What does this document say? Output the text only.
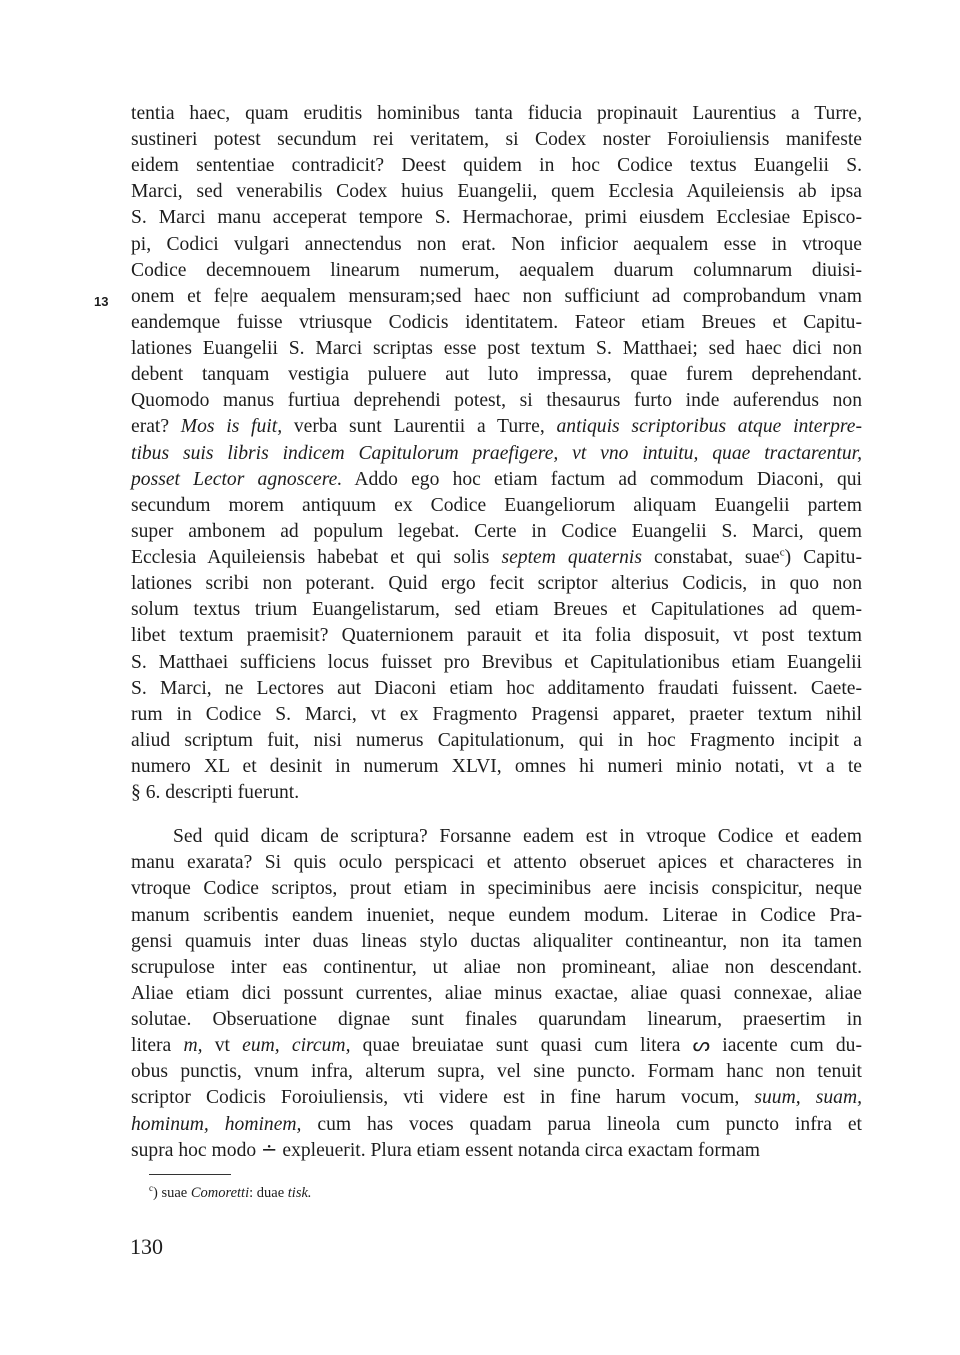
13
tentia haec, quam eruditis hominibus tanta fiducia propinauit Laurentius a Turre,
sustineri potest secundum rei veritatem, si Codex noster Foroiuliensis manifeste
eidem sententiae contradicit? Deest quidem in hoc Codice textus Euangelii S.
Marci, sed venerabilis Codex huius Euangelii, quem Ecclesia Aquileiensis ab ipsa
S. Marci manu acceperat tempore S. Hermachorae, primi eiusdem Ecclesiae Episco-
pi, Codici vulgari annectendus non erat. Non inficior aequalem esse in vtroque
Codice decemnouem linearum numerum, aequalem duarum columnarum diuisi-
onem et fe|re aequalem mensuram;sed haec non sufficiunt ad comprobandum vnam
eandemque fuisse vtriusque Codicis identitatem. Fateor etiam Breues et Capitu-
lationes Euangelii S. Marci scriptas esse post textum S. Matthaei; sed haec dici non
debent tanquam vestigia puluere aut luto impressa, quae furem deprehendant.
Quomodo manus furtiua deprehendi potest, si thesaurus furto inde auferendus non
erat? Mos is fuit, verba sunt Laurentii a Turre, antiquis scriptoribus atque interpre-
tibus suis libris indicem Capitulorum praefigere, vt vno intuitu, quae tractarentur,
posset Lector agnoscere. Addo ego hoc etiam factum ad commodum Diaconi, qui
secundum morem antiquum ex Codice Euangeliorum aliquam Euangelii partem
super ambonem ad populum legebat. Certe in Codice Euangelii S. Marci, quem
Ecclesia Aquileiensis habebat et qui solis septem quaternis constabat, suae$^c$) Capitu-
lationes scribi non poterant. Quid ergo fecit scriptor alterius Codicis, in quo non
solum textus trium Euangelistarum, sed etiam Breues et Capitulationes ad quem-
libet textum praemisit? Quaternionem parauit et ita folia disposuit, vt post textum
S. Matthaei sufficiens locus fuisset pro Brevibus et Capitulationibus etiam Euangelii
S. Marci, ne Lectores aut Diaconi etiam hoc additamento fraudati fuissent. Caete-
rum in Codice S. Marci, vt ex Fragmento Pragensi apparet, praeter textum nihil
aliud scriptum fuit, nisi numerus Capitulationum, qui in hoc Fragmento incipit a
numero XL et desinit in numerum XLVI, omnes hi numeri minio notati, vt a te
§ 6. descripti fuerunt.
Sed quid dicam de scriptura? Forsanne eadem est in vtroque Codice et eadem
manu exarata? Si quis oculo perspicaci et attento obseruet apices et characteres in
vtroque Codice scriptos, prout etiam in speciminibus aere incisis conspicitur, neque
manum scribentis eandem inueniet, neque eundem modum. Literae in Codice Pra-
gensi quamuis inter duas lineas stylo ductas aliqualiter contineantur, non ita tamen
scrupulose inter eas continentur, ut aliae non promineant, aliae non descendant.
Aliae etiam dici possunt currentes, aliae minus exactae, aliae quasi connexae, aliae
solutae. Obseruatione dignae sunt finales quarundam linearum, praesertim in
litera m, vt eum, circum, quae breuiatae sunt quasi cum litera ᔕ iacente cum du-
obus punctis, vnum infra, alterum supra, vel sine puncto. Formam hanc non tenuit
scriptor Codicis Foroiuliensis, vti videre est in fine harum vocum, suum, suam,
hominum, hominem, cum has voces quadam parua lineola cum puncto infra et
supra hoc modo ∸ expleuerit. Plura etiam essent notanda circa exactam formam
$^c$) suae Comoretti: duae tisk.
130
